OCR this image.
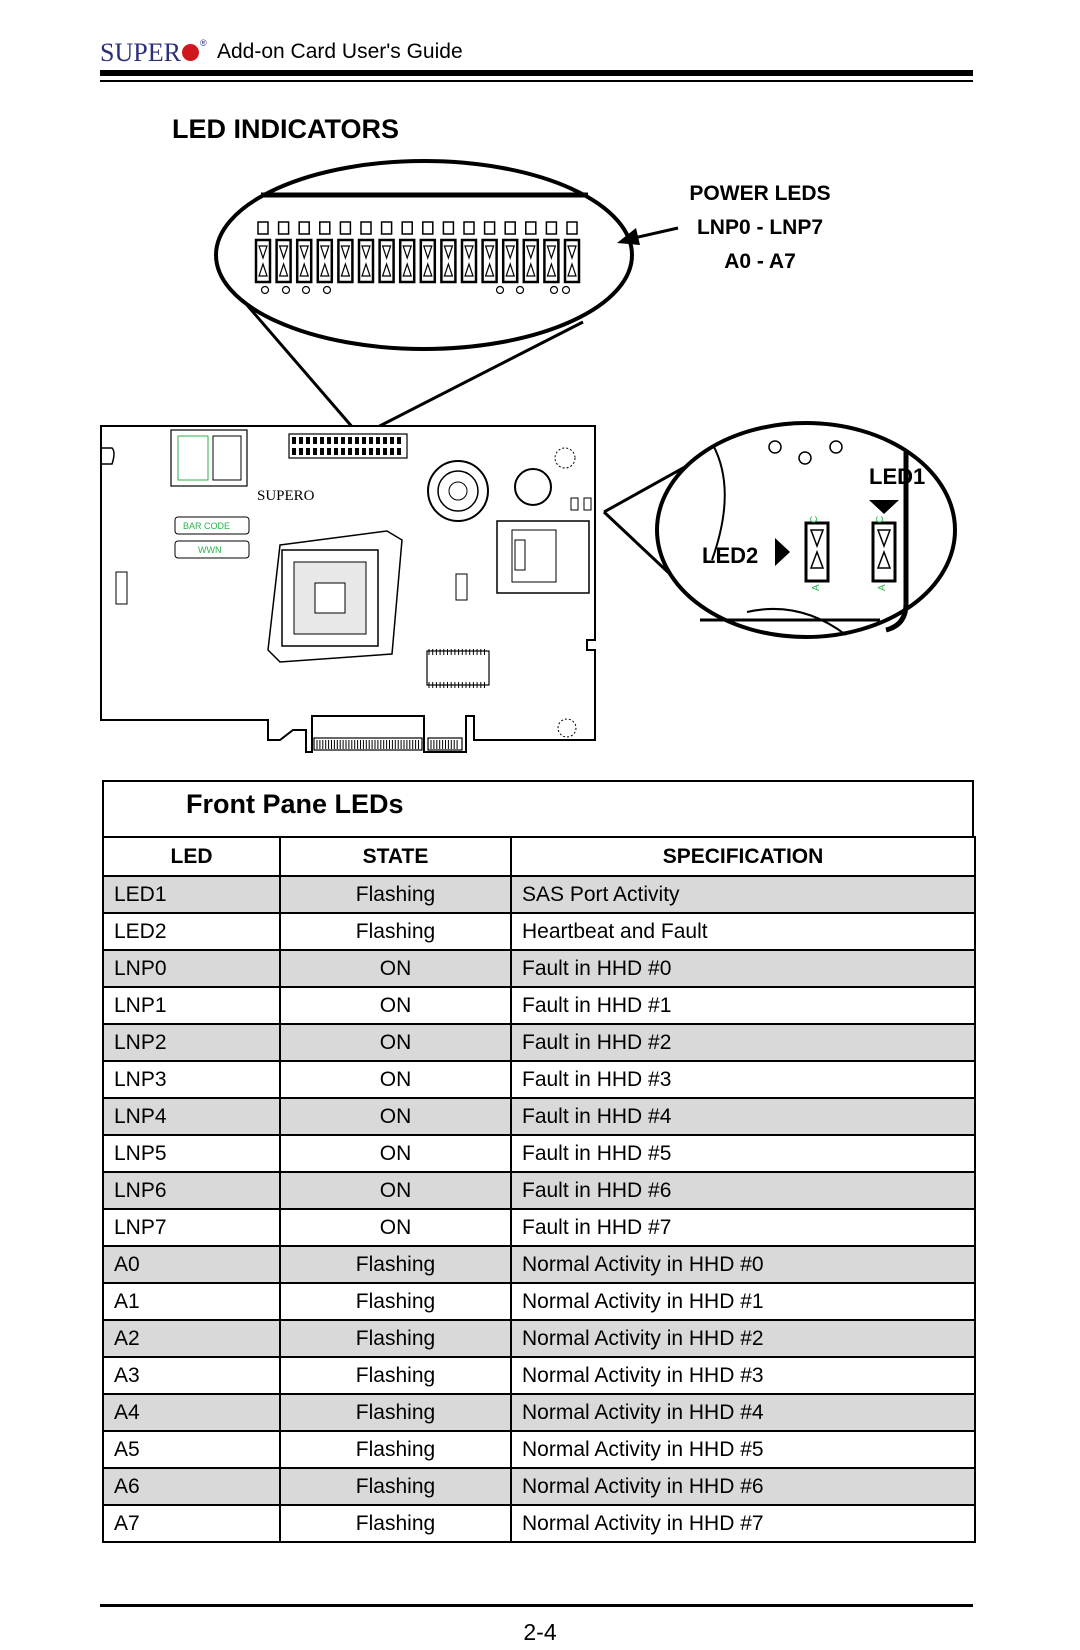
SUPER ® Add-on Card User's Guide
LED INDICATORS
SUPERO
BAR CODE
WWN
C	C
A	A
POWER LEDS
LNP0 - LNP7
A0 - A7
LED1
LED2
Front Pane LEDs
LED	STATE	SPECIFICATION
LED1	Flashing	SAS Port Activity
LED2	Flashing	Heartbeat and Fault
LNP0	ON	Fault in HHD #0
LNP1	ON	Fault in HHD #1
LNP2	ON	Fault in HHD #2
LNP3	ON	Fault in HHD #3
LNP4	ON	Fault in HHD #4
LNP5	ON	Fault in HHD #5
LNP6	ON	Fault in HHD #6
LNP7	ON	Fault in HHD #7
A0	Flashing	Normal Activity in HHD #0
A1	Flashing	Normal Activity in HHD #1
A2	Flashing	Normal Activity in HHD #2
A3	Flashing	Normal Activity in HHD #3
A4	Flashing	Normal Activity in HHD #4
A5	Flashing	Normal Activity in HHD #5
A6	Flashing	Normal Activity in HHD #6
A7	Flashing	Normal Activity in HHD #7
2-4
